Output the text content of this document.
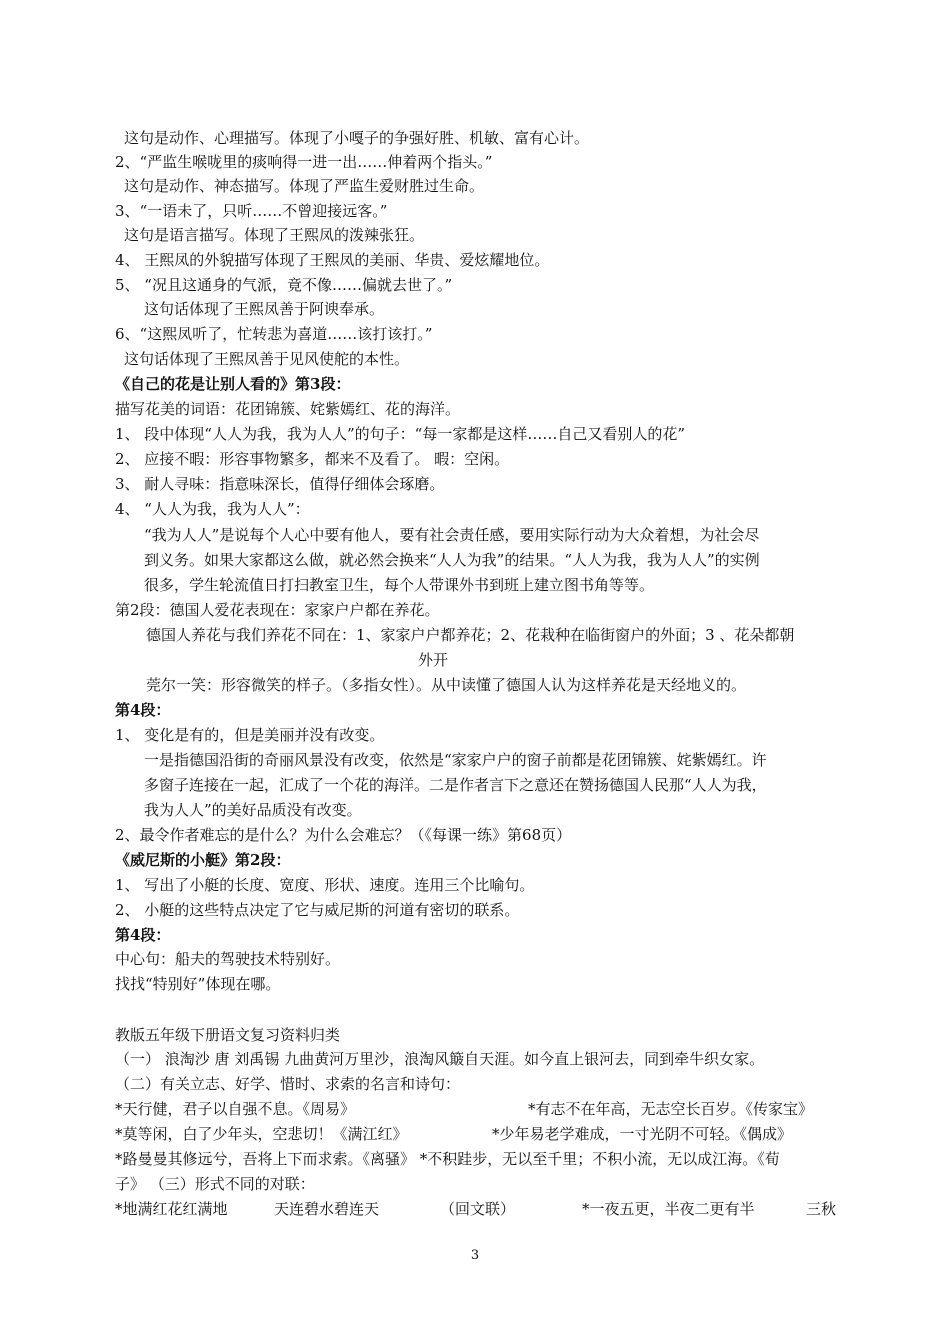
这句是动作、心理描写。体现了小嘎子的争强好胜、机敏、富有心计。
2、“严监生喉咙里的痰响得一进一出……伸着两个指头。”
这句是动作、神态描写。体现了严监生爱财胜过生命。
3、“一语未了，只听……不曾迎接远客。”
这句是语言描写。体现了王熙凤的泼辣张狂。
4、 王熙凤的外貌描写体现了王熙凤的美丽、华贵、爱炫耀地位。
5、 “况且这通身的气派，竟不像……偏就去世了。”
这句话体现了王熙凤善于阿谀奉承。
6、“这熙凤听了，忙转悲为喜道……该打该打。”
这句话体现了王熙凤善于见风使舵的本性。
《自己的花是让别人看的》第3段：
描写花美的词语：花团锦簇、姹紫嫣红、花的海洋。
1、 段中体现“人人为我，我为人人”的句子：“每一家都是这样……自己又看别人的花”
2、 应接不暇：形容事物繁多，都来不及看了。 暇：空闲。
3、 耐人寻味：指意味深长，值得仔细体会琢磨。
4、 “人人为我，我为人人”：
“我为人人”是说每个人心中要有他人，要有社会责任感，要用实际行动为大众着想，为社会尽
到义务。如果大家都这么做，就必然会换来“人人为我”的结果。“人人为我，我为人人”的实例
很多，学生轮流值日打扫教室卫生，每个人带课外书到班上建立图书角等等。
第2段：德国人爱花表现在：家家户户都在养花。
德国人养花与我们养花不同在：1、家家户户都养花；2、花栽种在临街窗户的外面；3 、花朵都朝
外开
莞尔一笑：形容微笑的样子。（多指女性）。从中读懂了德国人认为这样养花是天经地义的。
第4段：
1、 变化是有的，但是美丽并没有改变。
一是指德国沿街的奇丽风景没有改变，依然是“家家户户的窗子前都是花团锦簇、姹紫嫣红。许
多窗子连接在一起，汇成了一个花的海洋。二是作者言下之意还在赞扬德国人民那“人人为我，
我为人人”的美好品质没有改变。
2、最令作者难忘的是什么？为什么会难忘？（《每课一练》第68页）
《威尼斯的小艇》第2段：
1、 写出了小艇的长度、宽度、形状、速度。连用三个比喻句。
2、 小艇的这些特点决定了它与威尼斯的河道有密切的联系。
第4段：
中心句：船夫的驾驶技术特别好。
找找“特别好”体现在哪。
教版五年级下册语文复习资料归类
（一） 浪淘沙 唐 刘禹锡 九曲黄河万里沙，浪淘风簸自天涯。如今直上银河去，同到牵牛织女家。
（二）有关立志、好学、惜时、求索的名言和诗句：
*天行健，君子以自强不息。《周易》	*有志不在年高，无志空长百岁。《传家宝》
*莫等闲，白了少年头，空悲切！《满江红》	*少年易老学难成，一寸光阴不可轻。《偶成》
*路曼曼其修远兮，吾将上下而求索。《离骚》 *不积跬步，无以至千里；不积小流，无以成江海。《荀
子》 （三）形式不同的对联：
*地满红花红满地	天连碧水碧连天	（回文联）	*一夜五更，半夜二更有半	三秋
3
